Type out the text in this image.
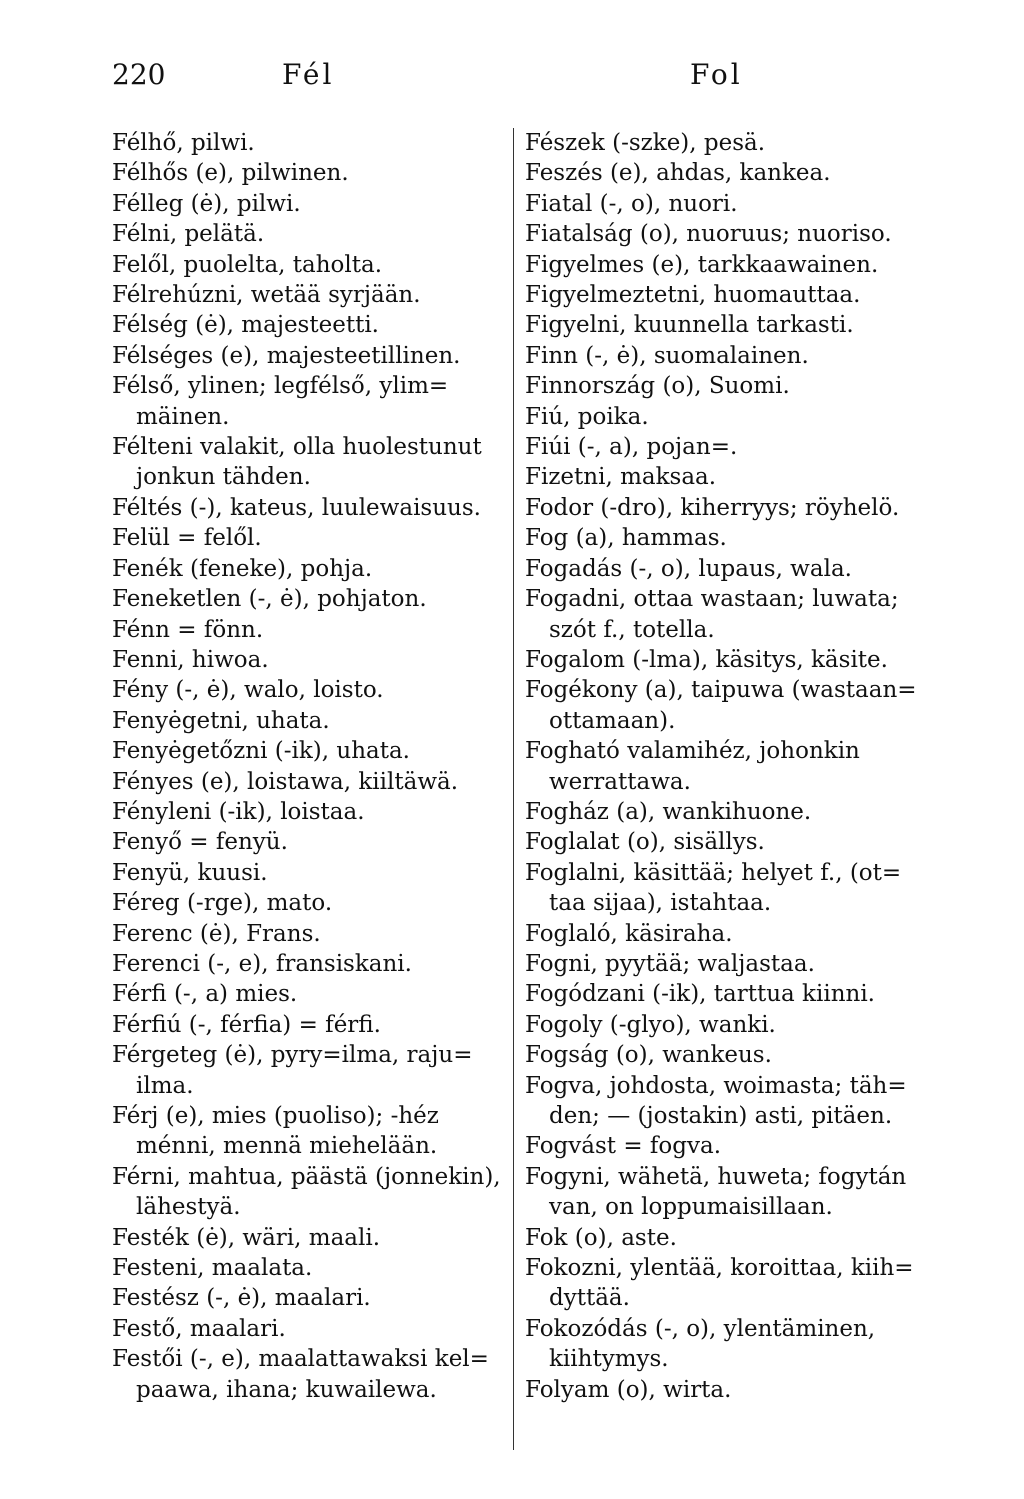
220	Fél	Fol
Félhő, pilwi.
Félhős (e), pilwinen.
Félleg (ė), pilwi.
Félni, pelätä.
Felől, puolelta, taholta.
Félrehúzni, wetää syrjään.
Félség (ė), majesteetti.
Félséges (e), majesteetillinen.
Félső, ylinen; legfélső, ylim=
mäinen.
Félteni valakit, olla huolestunut
jonkun tähden.
Féltés (-), kateus, luulewaisuus.
Felül = felől.
Fenék (feneke), pohja.
Feneketlen (-, ė), pohjaton.
Fénn = fönn.
Fenni, hiwoa.
Fény (-, ė), walo, loisto.
Fenyėgetni, uhata.
Fenyėgetőzni (-ik), uhata.
Fényes (e), loistawa, kiiltäwä.
Fényleni (-ik), loistaa.
Fenyő = fenyü.
Fenyü, kuusi.
Féreg (-rge), mato.
Ferenc (ė), Frans.
Ferenci (-, e), fransiskani.
Férfi (-, a) mies.
Férfiú (-, férfia) = férfi.
Férgeteg (ė), pyry=ilma, raju=
ilma.
Férj (e), mies (puoliso); -héz
ménni, mennä miehelään.
Férni, mahtua, päästä (jonnekin),
lähestyä.
Festék (ė), wäri, maali.
Festeni, maalata.
Festész (-, ė), maalari.
Festő, maalari.
Festői (-, e), maalattawaksi kel=
paawa, ihana; kuwailewa.
Fészek (-szke), pesä.
Feszés (e), ahdas, kankea.
Fiatal (-, o), nuori.
Fiatalság (o), nuoruus; nuoriso.
Figyelmes (e), tarkkaawainen.
Figyelmeztetni, huomauttaa.
Figyelni, kuunnella tarkasti.
Finn (-, ė), suomalainen.
Finnország (o), Suomi.
Fiú, poika.
Fiúi (-, a), pojan=.
Fizetni, maksaa.
Fodor (-dro), kiherryys; röyhelö.
Fog (a), hammas.
Fogadás (-, o), lupaus, wala.
Fogadni, ottaa wastaan; luwata;
szót f., totella.
Fogalom (-lma), käsitys, käsite.
Fogékony (a), taipuwa (wastaan=
ottamaan).
Fogható valamihéz, johonkin
werrattawa.
Fogház (a), wankihuone.
Foglalat (o), sisällys.
Foglalni, käsittää; helyet f., (ot=
taa sijaa), istahtaa.
Foglaló, käsiraha.
Fogni, pyytää; waljastaa.
Fogódzani (-ik), tarttua kiinni.
Fogoly (-glyo), wanki.
Fogság (o), wankeus.
Fogva, johdosta, woimasta; täh=
den; — (jostakin) asti, pitäen.
Fogvást = fogva.
Fogyni, wähetä, huweta; fogytán
van, on loppumaisillaan.
Fok (o), aste.
Fokozni, ylentää, koroittaa, kiih=
dyttää.
Fokozódás (-, o), ylentäminen,
kiihtymys.
Folyam (o), wirta.
